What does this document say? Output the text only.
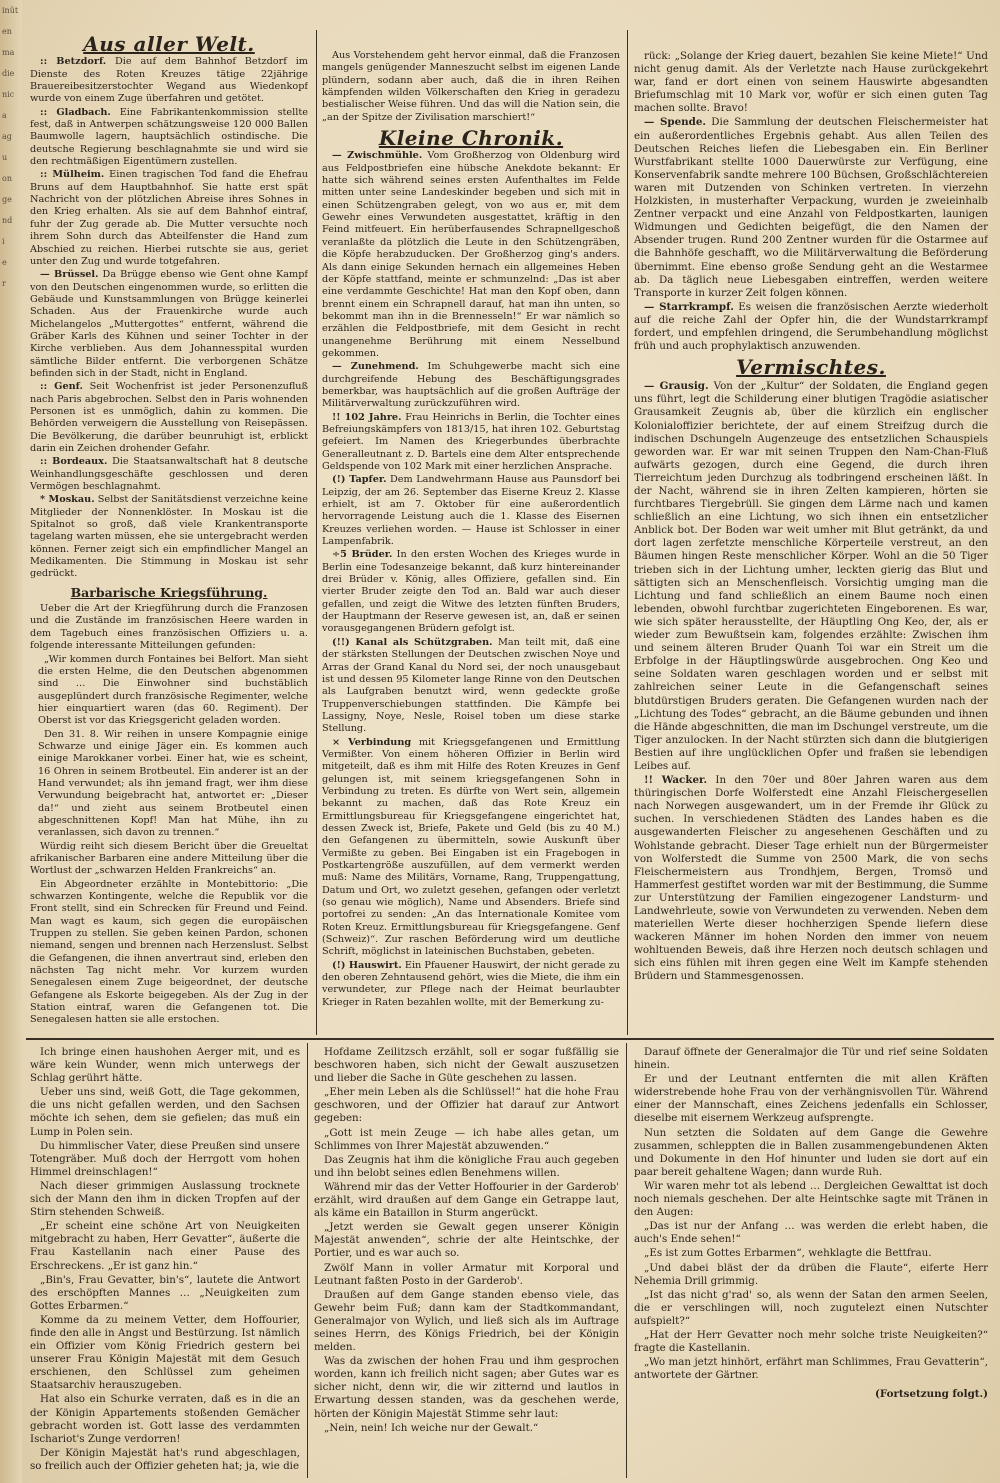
inüt
en
ma
die
nic
a
ag
u
on
ge
nd
i
e
r
Aus aller Welt.

:: Betzdorf. Die auf dem Bahnhof Betzdorf im Dienste des Roten Kreuzes tätige 22jährige Brauereibesitzerstochter Wegand aus Wiedenkopf wurde von einem Zuge überfahren und getötet.

:: Gladbach. Eine Fabrikantenkommission stellte fest, daß in Antwerpen schätzungsweise 120 000 Ballen Baumwolle lagern, hauptsächlich ostindische. Die deutsche Regierung beschlagnahmte sie und wird sie den rechtmäßigen Eigentümern zustellen.

:: Mülheim. Einen tragischen Tod fand die Ehefrau Bruns auf dem Hauptbahnhof. Sie hatte erst spät Nachricht von der plötzlichen Abreise ihres Sohnes in den Krieg erhalten. Als sie auf dem Bahnhof eintraf, fuhr der Zug gerade ab. Die Mutter versuchte noch ihrem Sohn durch das Abteilfenster die Hand zum Abschied zu reichen. Hierbei rutschte sie aus, geriet unter den Zug und wurde totgefahren.

— Brüssel. Da Brügge ebenso wie Gent ohne Kampf von den Deutschen eingenommen wurde, so erlitten die Gebäude und Kunstsammlungen von Brügge keinerlei Schaden. Aus der Frauenkirche wurde auch Michelangelos „Muttergottes“ entfernt, während die Gräber Karls des Kühnen und seiner Tochter in der Kirche verblieben. Aus dem Johannesspital wurden sämtliche Bilder entfernt. Die verborgenen Schätze befinden sich in der Stadt, nicht in England.

:: Genf. Seit Wochenfrist ist jeder Personenzufluß nach Paris abgebrochen. Selbst den in Paris wohnenden Personen ist es unmöglich, dahin zu kommen. Die Behörden verweigern die Ausstellung von Reisepässen. Die Bevölkerung, die darüber beunruhigt ist, erblickt darin ein Zeichen drohender Gefahr.

:: Bordeaux. Die Staatsanwaltschaft hat 8 deutsche Weinhandlungsgeschäfte geschlossen und deren Vermögen beschlagnahmt.

* Moskau. Selbst der Sanitätsdienst verzeichne keine Mitglieder der Nonnenklöster. In Moskau ist die Spitalnot so groß, daß viele Krankentransporte tagelang warten müssen, ehe sie untergebracht werden können. Ferner zeigt sich ein empfindlicher Mangel an Medikamenten. Die Stimmung in Moskau ist sehr gedrückt.

Barbarische Kriegsführung.

Ueber die Art der Kriegführung durch die Franzosen und die Zustände im französischen Heere warden in dem Tagebuch eines französischen Offiziers u. a. folgende interessante Mitteilungen gefunden:

„Wir kommen durch Fontaines bei Belfort. Man sieht die ersten Helme, die den Deutschen abgenommen sind … Die Einwohner sind buchstäblich ausgeplündert durch französische Regimenter, welche hier einquartiert waren (das 60. Regiment). Der Oberst ist vor das Kriegsgericht geladen worden.

Den 31. 8. Wir reihen in unsere Kompagnie einige Schwarze und einige Jäger ein. Es kommen auch einige Marokkaner vorbei. Einer hat, wie es scheint, 16 Ohren in seinem Brotbeutel. Ein anderer ist an der Hand verwundet; als ihn jemand fragt, wer ihm diese Verwundung beigebracht hat, antwortet er: „Dieser da!“ und zieht aus seinem Brotbeutel einen abgeschnittenen Kopf! Man hat Mühe, ihn zu veranlassen, sich davon zu trennen.“

Würdig reiht sich diesem Bericht über die Greueltat afrikanischer Barbaren eine andere Mitteilung über die Wortlust der „schwarzen Helden Frankreichs“ an.

Ein Abgeordneter erzählte in Montebittorio: „Die schwarzen Kontingente, welche die Republik vor die Front stellt, sind ein Schrecken für Freund und Feind. Man wagt es kaum, sich gegen die europäischen Truppen zu stellen. Sie geben keinen Pardon, schonen niemand, sengen und brennen nach Herzenslust. Selbst die Gefangenen, die ihnen anvertraut sind, erleben den nächsten Tag nicht mehr. Vor kurzem wurden Senegalesen einem Zuge beigeordnet, der deutsche Gefangene als Eskorte beigegeben. Als der Zug in der Station eintraf, waren die Gefangenen tot. Die Senegalesen hatten sie alle erstochen.

Aus Vorstehendem geht hervor einmal, daß die Franzosen mangels genügender Manneszucht selbst im eigenen Lande plündern, sodann aber auch, daß die in ihren Reihen kämpfenden wilden Völkerschaften den Krieg in geradezu bestialischer Weise führen. Und das will die Nation sein, die „an der Spitze der Zivilisation marschiert!“

Kleine Chronik.

— Zwischmühle. Vom Großherzog von Oldenburg wird aus Feldpostbriefen eine hübsche Anekdote bekannt: Er hatte sich während seines ersten Aufenthaltes im Felde mitten unter seine Landeskinder begeben und sich mit in einen Schützengraben gelegt, von wo aus er, mit dem Gewehr eines Verwundeten ausgestattet, kräftig in den Feind mitfeuert. Ein herüberfausendes Schrapnellgeschoß veranlaßte da plötzlich die Leute in den Schützengräben, die Köpfe herabzuducken. Der Großherzog ging's anders. Als dann einige Sekunden hernach ein allgemeines Heben der Köpfe stattfand, meinte er schmunzelnd: „Das ist aber eine verdammte Geschichte! Hat man den Kopf oben, dann brennt einem ein Schrapnell darauf, hat man ihn unten, so bekommt man ihn in die Brennesseln!“ Er war nämlich so erzählen die Feldpostbriefe, mit dem Gesicht in recht unangenehme Berührung mit einem Nesselbund gekommen.

— Zunehmend. Im Schuhgewerbe macht sich eine durchgreifende Hebung des Beschäftigungsgrades bemerkbar, was hauptsächlich auf die großen Aufträge der Militärverwaltung zurückzuführen wird.

!! 102 Jahre. Frau Heinrichs in Berlin, die Tochter eines Befreiungskämpfers von 1813/15, hat ihren 102. Geburtstag gefeiert. Im Namen des Kriegerbundes überbrachte Generalleutnant z. D. Bartels eine dem Alter entsprechende Geldspende von 102 Mark mit einer herzlichen Ansprache.

(!) Tapfer. Dem Landwehrmann Hause aus Paunsdorf bei Leipzig, der am 26. September das Eiserne Kreuz 2. Klasse erhielt, ist am 7. Oktober für eine außerordentlich hervorragende Leistung auch die 1. Klasse des Eisernen Kreuzes verliehen worden. — Hause ist Schlosser in einer Lampenfabrik.

÷5 Brüder. In den ersten Wochen des Krieges wurde in Berlin eine Todesanzeige bekannt, daß kurz hintereinander drei Brüder v. König, alles Offiziere, gefallen sind. Ein vierter Bruder zeigte den Tod an. Bald war auch dieser gefallen, und zeigt die Witwe des letzten fünften Bruders, der Hauptmann der Reserve gewesen ist, an, daß er seinen vorausgegangenen Brüdern gefolgt ist.

(!!) Kanal als Schützgraben. Man teilt mit, daß eine der stärksten Stellungen der Deutschen zwischen Noye und Arras der Grand Kanal du Nord sei, der noch unausgebaut ist und dessen 95 Kilometer lange Rinne von den Deutschen als Laufgraben benutzt wird, wenn gedeckte große Truppenverschiebungen stattfinden. Die Kämpfe bei Lassigny, Noye, Nesle, Roisel toben um diese starke Stellung.

× Verbindung mit Kriegsgefangenen und Ermittlung Vermißter. Von einem höheren Offizier in Berlin wird mitgeteilt, daß es ihm mit Hilfe des Roten Kreuzes in Genf gelungen ist, mit seinem kriegsgefangenen Sohn in Verbindung zu treten. Es dürfte von Wert sein, allgemein bekannt zu machen, daß das Rote Kreuz ein Ermittlungsbureau für Kriegsgefangene eingerichtet hat, dessen Zweck ist, Briefe, Pakete und Geld (bis zu 40 M.) den Gefangenen zu übermitteln, sowie Auskunft über Vermißte zu geben. Bei Eingaben ist ein Fragebogen in Postkartengröße auszufüllen, auf dem vermerkt werden muß: Name des Militärs, Vorname, Rang, Truppengattung, Datum und Ort, wo zuletzt gesehen, gefangen oder verletzt (so genau wie möglich), Name und Absenders. Briefe sind portofrei zu senden: „An das Internationale Komitee vom Roten Kreuz. Ermittlungsbureau für Kriegsgefangene. Genf (Schweiz)“. Zur raschen Beförderung wird um deutliche Schrift, möglichst in lateinischen Buchstaben, gebeten.

(!) Hauswirt. Ein Pfauener Hauswirt, der nicht gerade zu den oberen Zehntausend gehört, wies die Miete, die ihm ein verwundeter, zur Pflege nach der Heimat beurlaubter Krieger in Raten bezahlen wollte, mit der Bemerkung zu-

rück: „Solange der Krieg dauert, bezahlen Sie keine Miete!“ Und nicht genug damit. Als der Verletzte nach Hause zurückgekehrt war, fand er dort einen von seinem Hauswirte abgesandten Briefumschlag mit 10 Mark vor, wofür er sich einen guten Tag machen sollte. Bravo!

— Spende. Die Sammlung der deutschen Fleischermeister hat ein außerordentliches Ergebnis gehabt. Aus allen Teilen des Deutschen Reiches liefen die Liebesgaben ein. Ein Berliner Wurstfabrikant stellte 1000 Dauerwürste zur Verfügung, eine Konservenfabrik sandte mehrere 100 Büchsen, Großschlächtereien waren mit Dutzenden von Schinken vertreten. In vierzehn Holzkisten, in musterhafter Verpackung, wurden je zweieinhalb Zentner verpackt und eine Anzahl von Feldpostkarten, launigen Widmungen und Gedichten beigefügt, die den Namen der Absender trugen. Rund 200 Zentner wurden für die Ostarmee auf die Bahnhöfe geschafft, wo die Militärverwaltung die Beförderung übernimmt. Eine ebenso große Sendung geht an die Westarmee ab. Da täglich neue Liebesgaben eintreffen, werden weitere Transporte in kurzer Zeit folgen können.

— Starrkrampf. Es weisen die französischen Aerzte wiederholt auf die reiche Zahl der Opfer hin, die der Wundstarrkrampf fordert, und empfehlen dringend, die Serumbehandlung möglichst früh und auch prophylaktisch anzuwenden.

Vermischtes.

— Grausig. Von der „Kultur“ der Soldaten, die England gegen uns führt, legt die Schilderung einer blutigen Tragödie asiatischer Grausamkeit Zeugnis ab, über die kürzlich ein englischer Kolonialoffizier berichtete, der auf einem Streifzug durch die indischen Dschungeln Augenzeuge des entsetzlichen Schauspiels geworden war. Er war mit seinen Truppen den Nam-Chan-Fluß aufwärts gezogen, durch eine Gegend, die durch ihren Tierreichtum jeden Durchzug als todbringend erscheinen läßt. In der Nacht, während sie in ihren Zelten kampieren, hörten sie furchtbares Tiergebrüll. Sie gingen dem Lärme nach und kamen schließlich an eine Lichtung, wo sich ihnen ein entsetzlicher Anblick bot. Der Boden war weit umher mit Blut getränkt, da und dort lagen zerfetzte menschliche Körperteile verstreut, an den Bäumen hingen Reste menschlicher Körper. Wohl an die 50 Tiger trieben sich in der Lichtung umher, leckten gierig das Blut und sättigten sich an Menschenfleisch. Vorsichtig umging man die Lichtung und fand schließlich an einem Baume noch einen lebenden, obwohl furchtbar zugerichteten Eingeborenen. Es war, wie sich später herausstellte, der Häuptling Ong Keo, der, als er wieder zum Bewußtsein kam, folgendes erzählte: Zwischen ihm und seinem älteren Bruder Quanh Toi war ein Streit um die Erbfolge in der Häuptlingswürde ausgebrochen. Ong Keo und seine Soldaten waren geschlagen worden und er selbst mit zahlreichen seiner Leute in die Gefangenschaft seines blutdürstigen Bruders geraten. Die Gefangenen wurden nach der „Lichtung des Todes“ gebracht, an die Bäume gebunden und ihnen die Hände abgeschnitten, die man im Dschungel verstreute, um die Tiger anzulocken. In der Nacht stürzten sich dann die blutgierigen Bestien auf ihre unglücklichen Opfer und fraßen sie lebendigen Leibes auf.

!! Wacker. In den 70er und 80er Jahren waren aus dem thüringischen Dorfe Wolferstedt eine Anzahl Fleischergesellen nach Norwegen ausgewandert, um in der Fremde ihr Glück zu suchen. In verschiedenen Städten des Landes haben es die ausgewanderten Fleischer zu angesehenen Geschäften und zu Wohlstande gebracht. Dieser Tage erhielt nun der Bürgermeister von Wolferstedt die Summe von 2500 Mark, die von sechs Fleischermeistern aus Trondhjem, Bergen, Tromsö und Hammerfest gestiftet worden war mit der Bestimmung, die Summe zur Unterstützung der Familien eingezogener Landsturm- und Landwehrleute, sowie von Verwundeten zu verwenden. Neben dem materiellen Werte dieser hochherzigen Spende liefern diese wackeren Männer im hohen Norden den immer von neuem wohltuenden Beweis, daß ihre Herzen noch deutsch schlagen und sich eins fühlen mit ihren gegen eine Welt im Kampfe stehenden Brüdern und Stammesgenossen.

Ich bringe einen haushohen Aerger mit, und es wäre kein Wunder, wenn mich unterwegs der Schlag gerührt hätte.

Ueber uns sind, weiß Gott, die Tage gekommen, die uns nicht gefallen werden, und den Sachsen möchte ich sehen, dem sie gefielen; das muß ein Lump in Polen sein.

Du himmlischer Vater, diese Preußen sind unsere Totengräber. Muß doch der Herrgott vom hohen Himmel dreinschlagen!“

Nach dieser grimmigen Auslassung trocknete sich der Mann den ihm in dicken Tropfen auf der Stirn stehenden Schweiß.

„Er scheint eine schöne Art von Neuigkeiten mitgebracht zu haben, Herr Gevatter“, äußerte die Frau Kastellanin nach einer Pause des Erschreckens. „Er ist ganz hin.“

„Bin's, Frau Gevatter, bin's“, lautete die Antwort des erschöpften Mannes … „Neuigkeiten zum Gottes Erbarmen.“

Komme da zu meinem Vetter, dem Hoffourier, finde den alle in Angst und Bestürzung. Ist nämlich ein Offizier vom König Friedrich gestern bei unserer Frau Königin Majestät mit dem Gesuch erschienen, den Schlüssel zum geheimen Staatsarchiv herauszugeben.

Hat also ein Schurke verraten, daß es in die an der Königin Appartements stoßenden Gemächer gebracht worden ist. Gott lasse des verdammten Ischariot's Zunge verdorren!

Der Königin Majestät hat's rund abgeschlagen, so freilich auch der Offizier geheten hat; ja, wie die

Hofdame Zeilitzsch erzählt, soll er sogar fußfällig sie beschworen haben, sich nicht der Gewalt auszusetzen und lieber die Sache in Güte geschehen zu lassen.

„Eher mein Leben als die Schlüssel!“ hat die hohe Frau geschworen, und der Offizier hat darauf zur Antwort gegeben:

„Gott ist mein Zeuge — ich habe alles getan, um Schlimmes von Ihrer Majestät abzuwenden.“

Das Zeugnis hat ihm die königliche Frau auch gegeben und ihn belobt seines edlen Benehmens willen.

Während mir das der Vetter Hoffourier in der Garderob' erzählt, wird draußen auf dem Gange ein Getrappe laut, als käme ein Bataillon in Sturm angerückt.

„Jetzt werden sie Gewalt gegen unserer Königin Majestät anwenden“, schrie der alte Heintschke, der Portier, und es war auch so.

Zwölf Mann in voller Armatur mit Korporal und Leutnant faßten Posto in der Garderob'.

Draußen auf dem Gange standen ebenso viele, das Gewehr beim Fuß; dann kam der Stadtkommandant, Generalmajor von Wylich, und ließ sich als im Auftrage seines Herrn, des Königs Friedrich, bei der Königin melden.

Was da zwischen der hohen Frau und ihm gesprochen worden, kann ich freilich nicht sagen; aber Gutes war es sicher nicht, denn wir, die wir zitternd und lautlos in Erwartung dessen standen, was da geschehen werde, hörten der Königin Majestät Stimme sehr laut:

„Nein, nein! Ich weiche nur der Gewalt.“

Darauf öffnete der Generalmajor die Tür und rief seine Soldaten hinein.

Er und der Leutnant entfernten die mit allen Kräften widerstrebende hohe Frau von der verhängnisvollen Tür. Während einer der Mannschaft, eines Zeichens jedenfalls ein Schlosser, dieselbe mit eisernem Werkzeug aufsprengte.

Nun setzten die Soldaten auf dem Gange die Gewehre zusammen, schleppten die in Ballen zusammengebundenen Akten und Dokumente in den Hof hinunter und luden sie dort auf ein paar bereit gehaltene Wagen; dann wurde Ruh.

Wir waren mehr tot als lebend … Dergleichen Gewalttat ist doch noch niemals geschehen. Der alte Heintschke sagte mit Tränen in den Augen:

„Das ist nur der Anfang … was werden die erlebt haben, die auch's Ende sehen!“

„Es ist zum Gottes Erbarmen“, wehklagte die Bettfrau.

„Und dabei bläst der da drüben die Flaute“, eiferte Herr Nehemia Drill grimmig.

„Ist das nicht g'rad' so, als wenn der Satan den armen Seelen, die er verschlingen will, noch zugutelezt einen Nutschter aufspielt?“

„Hat der Herr Gevatter noch mehr solche triste Neuigkeiten?“ fragte die Kastellanin.

„Wo man jetzt hinhört, erfährt man Schlimmes, Frau Gevatterin“, antwortete der Gärtner.

(Fortsetzung folgt.)
